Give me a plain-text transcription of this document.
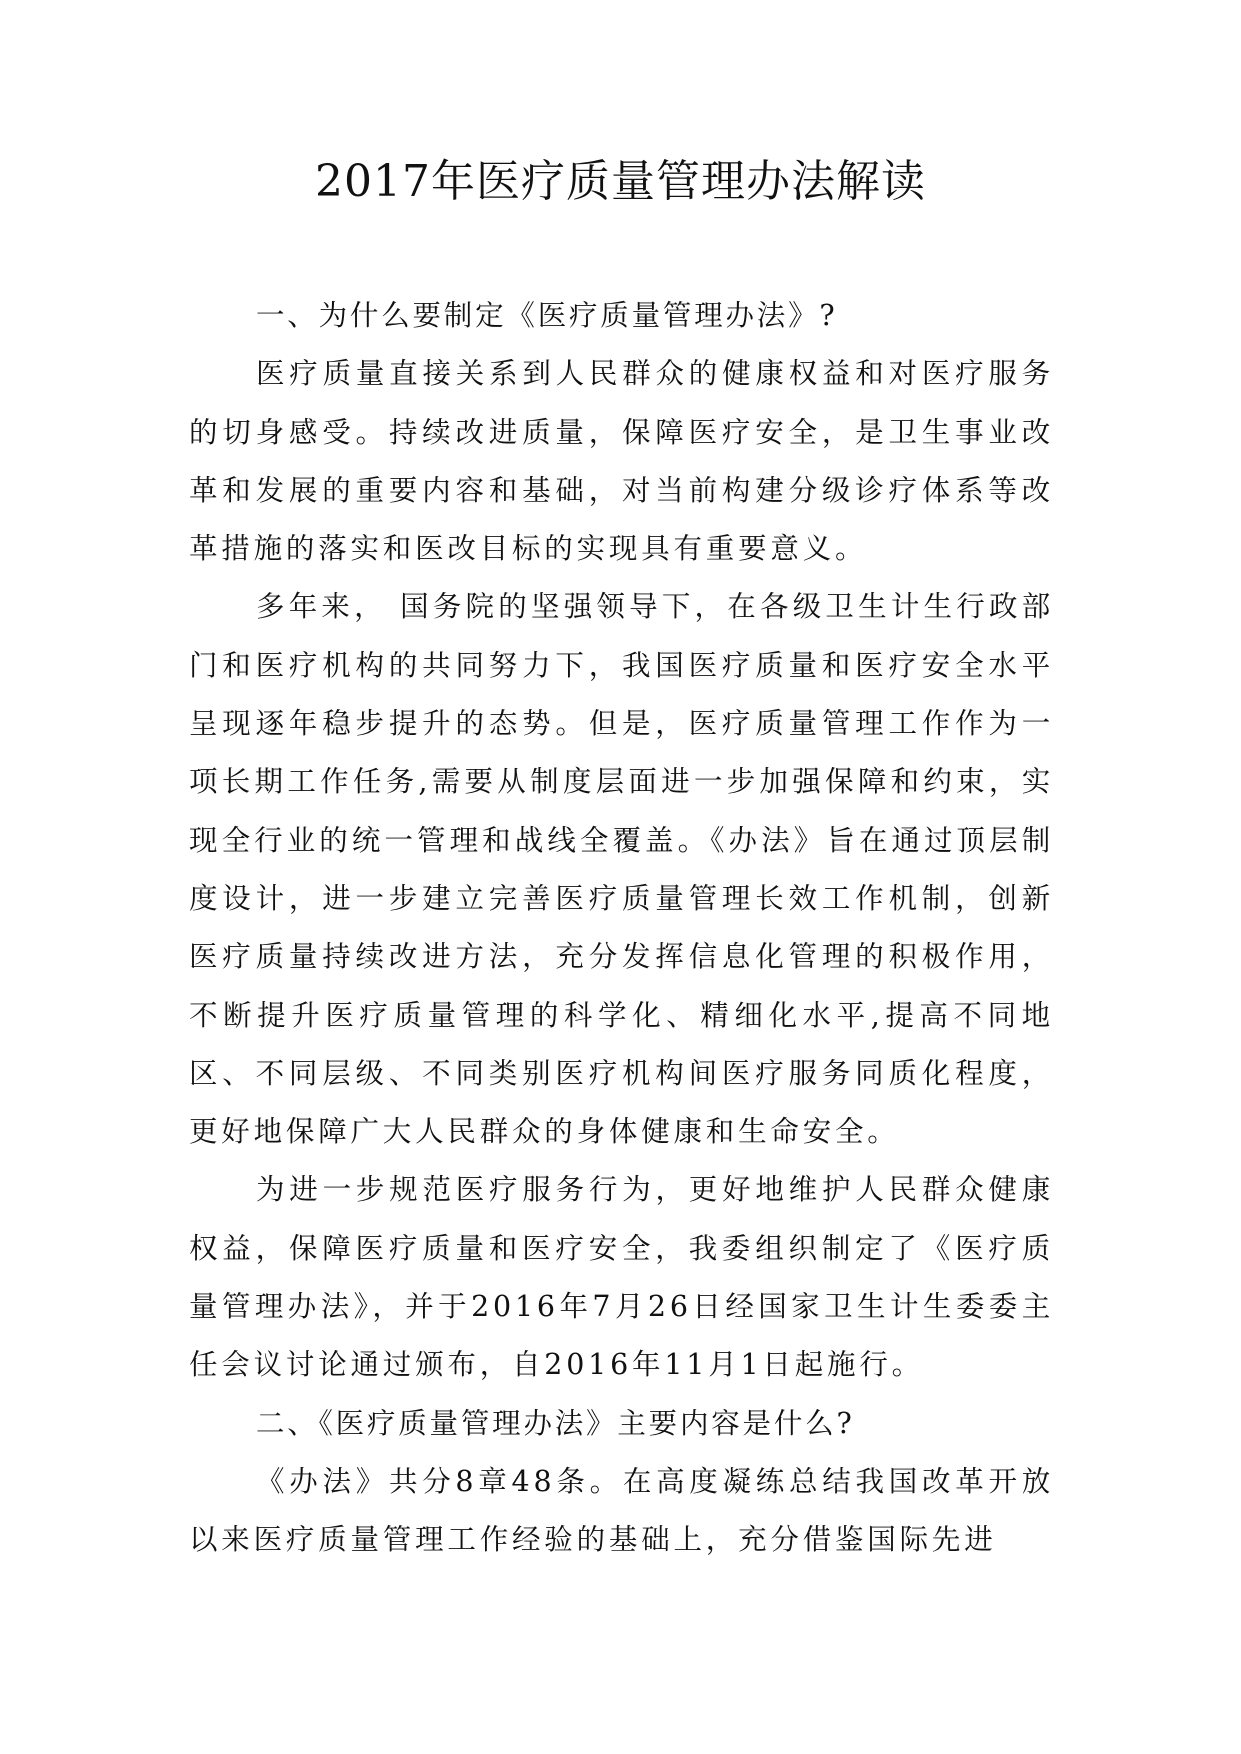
2017年医疗质量管理办法解读

一、为什么要制定《医疗质量管理办法》?

医疗质量直接关系到人民群众的健康权益和对医疗服务的切身感受。持续改进质量，保障医疗安全，是卫生事业改革和发展的重要内容和基础，对当前构建分级诊疗体系等改革措施的落实和医改目标的实现具有重要意义。

多年来， 国务院的坚强领导下，在各级卫生计生行政部门和医疗机构的共同努力下，我国医疗质量和医疗安全水平呈现逐年稳步提升的态势。但是，医疗质量管理工作作为一项长期工作任务,需要从制度层面进一步加强保障和约束，实现全行业的统一管理和战线全覆盖。《办法》旨在通过顶层制度设计，进一步建立完善医疗质量管理长效工作机制，创新医疗质量持续改进方法，充分发挥信息化管理的积极作用，不断提升医疗质量管理的科学化、精细化水平,提高不同地区、不同层级、不同类别医疗机构间医疗服务同质化程度，更好地保障广大人民群众的身体健康和生命安全。

为进一步规范医疗服务行为，更好地维护人民群众健康权益，保障医疗质量和医疗安全，我委组织制定了《医疗质量管理办法》，并于2016年7月26日经国家卫生计生委委主任会议讨论通过颁布，自2016年11月1日起施行。

二、《医疗质量管理办法》主要内容是什么?

《办法》共分8章48条。在高度凝练总结我国改革开放以来医疗质量管理工作经验的基础上，充分借鉴国际先进
